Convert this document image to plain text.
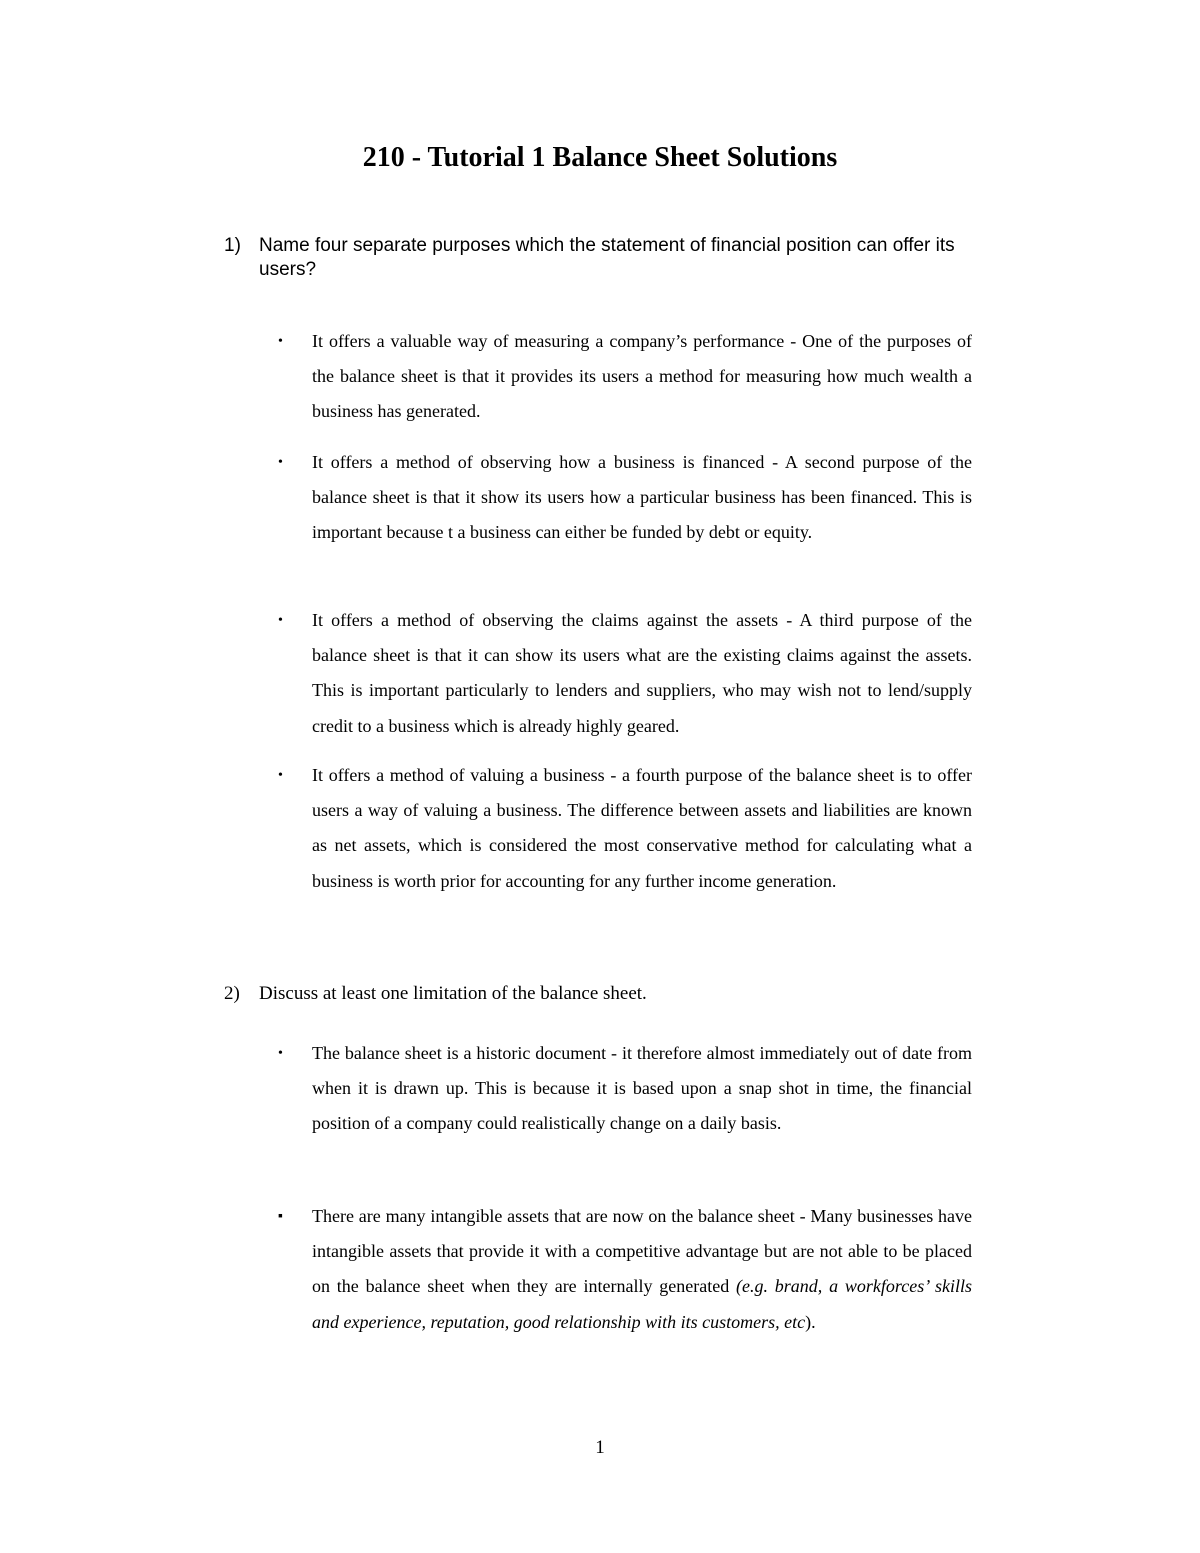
210 - Tutorial 1 Balance Sheet Solutions
1) Name four separate purposes which the statement of financial position can offer its users?
•	It offers a valuable way of measuring a company’s performance - One of the purposes of the balance sheet is that it provides its users a method for measuring how much wealth a business has generated.
•	It offers a method of observing how a business is financed - A second purpose of the balance sheet is that it show its users how a particular business has been financed. This is important because t a business can either be funded by debt or equity.
•	It offers a method of observing the claims against the assets - A third purpose of the balance sheet is that it can show its users what are the existing claims against the assets. This is important particularly to lenders and suppliers, who may wish not to lend/supply credit to a business which is already highly geared.
•	It offers a method of valuing a business - a fourth purpose of the balance sheet is to offer users a way of valuing a business. The difference between assets and liabilities are known as net assets, which is considered the most conservative method for calculating what a business is worth prior for accounting for any further income generation.
2)	Discuss at least one limitation of the balance sheet.
•	The balance sheet is a historic document - it therefore almost immediately out of date from when it is drawn up. This is because it is based upon a snap shot in time, the financial position of a company could realistically change on a daily basis.
▪	There are many intangible assets that are now on the balance sheet - Many businesses have intangible assets that provide it with a competitive advantage but are not able to be placed on the balance sheet when they are internally generated (e.g. brand, a workforces’ skills and experience, reputation, good relationship with its customers, etc).
1
